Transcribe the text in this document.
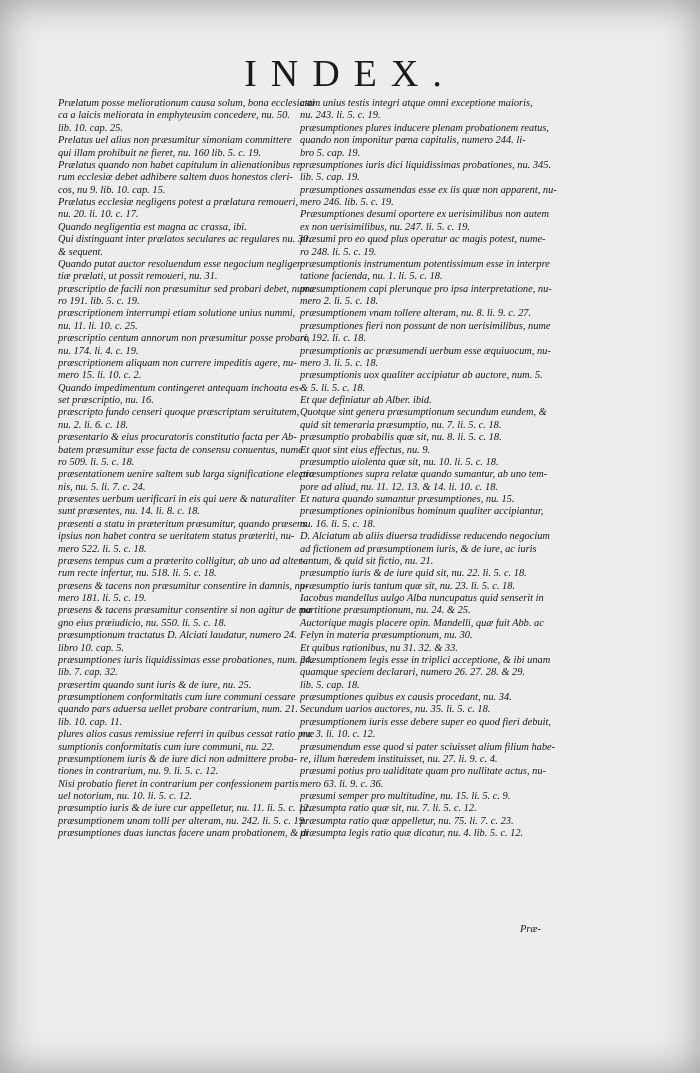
INDEX.
Prælatum posse meliorationum causa solum, bona ecclesiasti
ca a laicis meliorata in emphyteusim concedere, nu. 50.
lib. 10. cap. 25.
Prelatus uel alius non præsumitur simoniam committere
qui illam prohibuit ne fieret, nu. 160 lib. 5. c. 19.
Prælatus quando non habet capitulum in alienationibus re
rum ecclesiæ debet adhibere saltem duos honestos cleri-
cos, nu 9. lib. 10. cap. 15.
Prælatus ecclesiæ negligens potest a prælatura remoueri,
nu. 20. li. 10. c. 17.
Quando negligentia est magna ac crassa, ibi.
Qui distinguant inter prælatos seculares ac regulares nu. 30.
& sequent.
Quando putat auctor resoluendum esse negocium negligen
tiæ prælati, ut possit remoueri, nu. 31.
præscriptio de facili non præsumitur sed probari debet, nume
ro 191. lib. 5. c. 19.
præscriptionem interrumpi etiam solutione unius nummi,
nu. 11. li. 10. c. 25.
præscriptio centum annorum non præsumitur posse probari,
nu. 174. li. 4. c. 19.
præscriptionem aliquam non currere impeditis agere, nu-
mero 15. li. 10. c. 2.
Quando impedimentum contingeret antequam inchoata es-
set præscriptio, nu. 16.
præscripto fundo censeri quoque præscriptam seruitutem,
nu. 2. li. 6. c. 18.
præsentario & eius procuratoris constitutio facta per Ab-
batem præsumitur esse facta de consensu conuentus, nume
ro 509. li. 5. c. 18.
præsentationem uenire saltem sub larga significatione electio
nis, nu. 5. li. 7. c. 24.
præsentes uerbum uerificari in eis qui uere & naturaliter
sunt præsentes, nu. 14. li. 8. c. 18.
præsenti a statu in præteritum præsumitur, quando præsens
ipsius non habet contra se ueritatem status præteriti, nu-
mero 522. li. 5. c. 18.
præsens tempus cum a præterito colligitur, ab uno ad alter-
rum recte infertur, nu. 518. li. 5. c. 18.
præsens & tacens non præsumitur consentire in damnis, nu-
mero 181. li. 5. c. 19.
præsens & tacens præsumitur consentire si non agitur de ma
gno eius præiudicio, nu. 550. li. 5. c. 18.
præsumptionum tractatus D. Alciati laudatur, numero 24.
libro 10. cap. 5.
præsumptiones iuris liquidissimas esse probationes, num. 24.
lib. 7. cap. 32.
præsertim quando sunt iuris & de iure, nu. 25.
præsumptionem conformitatis cum iure communi cessare
quando pars aduersa uellet probare contrarium, num. 21.
lib. 10. cap. 11.
plures alios casus remissiue referri in quibus cessat ratio præ
sumptionis conformitatis cum iure communi, nu. 22.
præsumptionem iuris & de iure dici non admittere proba-
tiones in contrarium, nu. 9. li. 5. c. 12.
Nisi probatio fieret in contrarium per confessionem partis
uel notorium, nu. 10. li. 5. c. 12.
præsumptio iuris & de iure cur appelletur, nu. 11. li. 5. c. 12.
præsumptionem unam tolli per alteram, nu. 242. li. 5. c. 19.
præsumptiones duas iunctas facere unam probationem, & di
ctum unius testis integri atque omni exceptione maioris,
nu. 243. li. 5. c. 19.
præsumptiones plures inducere plenam probationem reatus,
quando non imponitur pœna capitalis, numero 244. li-
bro 5. cap. 19.
præsumptiones iuris dici liquidissimas probationes, nu. 345.
lib. 5. cap. 19.
præsumptiones assumendas esse ex iis quæ non apparent, nu-
mero 246. lib. 5. c. 19.
Præsumptiones desumi oportere ex uerisimilibus non autem
ex non uerisimilibus, nu. 247. li. 5. c. 19.
præsumi pro eo quod plus operatur ac magis potest, nume-
ro 248. li. 5. c. 19.
præsumptionis instrumentum potentissimum esse in interpre
tatione facienda, nu. 1. li. 5. c. 18.
præsumptionem capi plerunque pro ipsa interpretatione, nu-
mero 2. li. 5. c. 18.
præsumptionem vnam tollere alteram, nu. 8. li. 9. c. 27.
præsumptiones fieri non possunt de non uerisimilibus, nume
ro 192. li. c. 18.
præsumptionis ac præsumendi uerbum esse æquiuocum, nu-
mero 3. li. 5. c. 18.
præsumptionis uox qualiter accipiatur ab auctore, num. 5.
& 5. li. 5. c. 18.
Et que definiatur ab Alber. ibid.
Quotque sint genera præsumptionum secundum eundem, &
quid sit temeraria præsumptio, nu. 7. li. 5. c. 18.
præsumptio probabilis quæ sit, nu. 8. li. 5. c. 18.
Et quot sint eius effectus, nu. 9.
præsumptio uiolenta quæ sit, nu. 10. li. 5. c. 18.
præsumptiones supra relatæ quando sumantur, ab uno tem-
pore ad aliud, nu. 11. 12. 13. & 14. li. 10. c. 18.
Et natura quando sumantur præsumptiones, nu. 15.
præsumptiones opinionibus hominum qualiter accipiantur,
nu. 16. li. 5. c. 18.
D. Alciatum ab aliis diuersa tradidisse reducendo negocium
ad fictionem ad præsumptionem iuris, & de iure, ac iuris
tantum, & quid sit fictio, nu. 21.
præsumptio iuris & de iure quid sit, nu. 22. li. 5. c. 18.
præsumptio iuris tantum quæ sit, nu. 23. li. 5. c. 18.
Iacobus mandellus uulgo Alba nuncupatus quid senserit in
partitione præsumptionum, nu. 24. & 25.
Auctorique magis placere opin. Mandelli, quæ fuit Abb. ac
Felyn in materia præsumptionum, nu. 30.
Et quibus rationibus, nu 31. 32. & 33.
præsumptionem legis esse in triplici acceptione, & ibi unam
quamque speciem declarari, numero 26. 27. 28. & 29.
lib. 5. cap. 18.
præsumptiones quibus ex causis procedant, nu. 34.
Secundum uarios auctores, nu. 35. li. 5. c. 18.
præsumptionem iuris esse debere super eo quod fieri debuit,
nu. 3. li. 10. c. 12.
præsumendum esse quod si pater sciuisset alium filium habe-
re, illum hæredem instituisset, nu. 27. li. 9. c. 4.
præsumi potius pro ualiditate quam pro nullitate actus, nu-
mero 63. li. 9. c. 36.
præsumi semper pro multitudine, nu. 15. li. 5. c. 9.
præsumpta ratio quæ sit, nu. 7. li. 5. c. 12.
præsumpta ratio quæ appelletur, nu. 75. li. 7. c. 23.
præsumpta legis ratio quæ dicatur, nu. 4. lib. 5. c. 12.
Præ-
